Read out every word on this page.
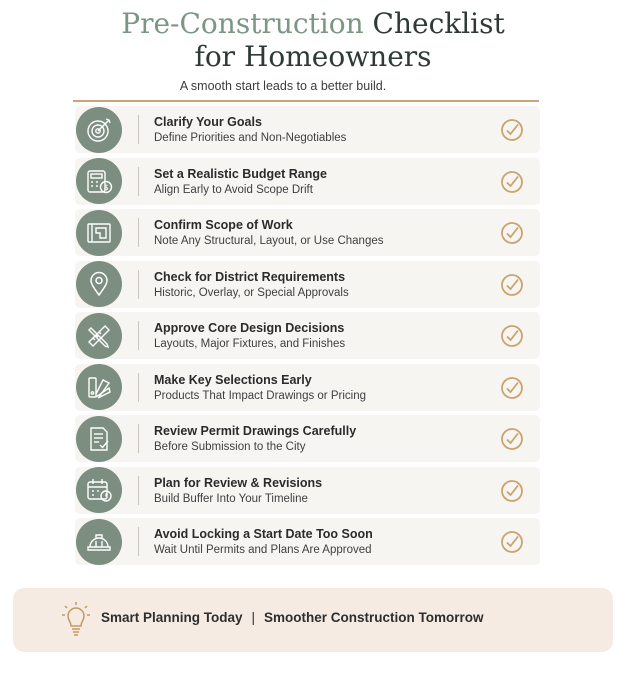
Pre-Construction Checklist
for Homeowners
A smooth start leads to a better build.
Clarify Your Goals
Define Priorities and Non-Negotiables
$
Set a Realistic Budget Range
Align Early to Avoid Scope Drift
Confirm Scope of Work
Note Any Structural, Layout, or Use Changes
Check for District Requirements
Historic, Overlay, or Special Approvals
Approve Core Design Decisions
Layouts, Major Fixtures, and Finishes
Make Key Selections Early
Products That Impact Drawings or Pricing
Review Permit Drawings Carefully
Before Submission to the City
Plan for Review & Revisions
Build Buffer Into Your Timeline
Avoid Locking a Start Date Too Soon
Wait Until Permits and Plans Are Approved
Smart Planning Today | Smoother Construction Tomorrow
